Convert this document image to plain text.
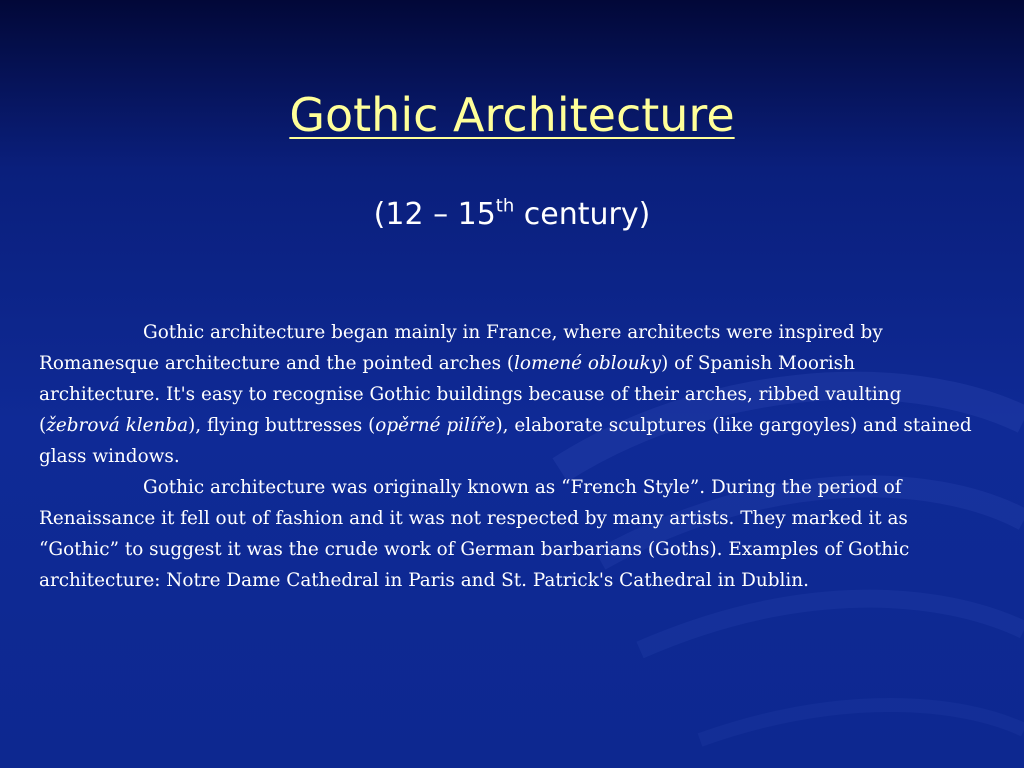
Gothic Architecture
(12 – 15th century)

Gothic architecture began mainly in France, where architects were inspired by Romanesque architecture and the pointed arches (lomené oblouky) of Spanish Moorish architecture. It's easy to recognise Gothic buildings because of their arches, ribbed vaulting (žebrová klenba), flying buttresses (opěrné pilíře), elaborate sculptures (like gargoyles) and stained glass windows.

Gothic architecture was originally known as “French Style”. During the period of Renaissance it fell out of fashion and it was not respected by many artists. They marked it as “Gothic” to suggest it was the crude work of German barbarians (Goths). Examples of Gothic architecture: Notre Dame Cathedral in Paris and St. Patrick's Cathedral in Dublin.
